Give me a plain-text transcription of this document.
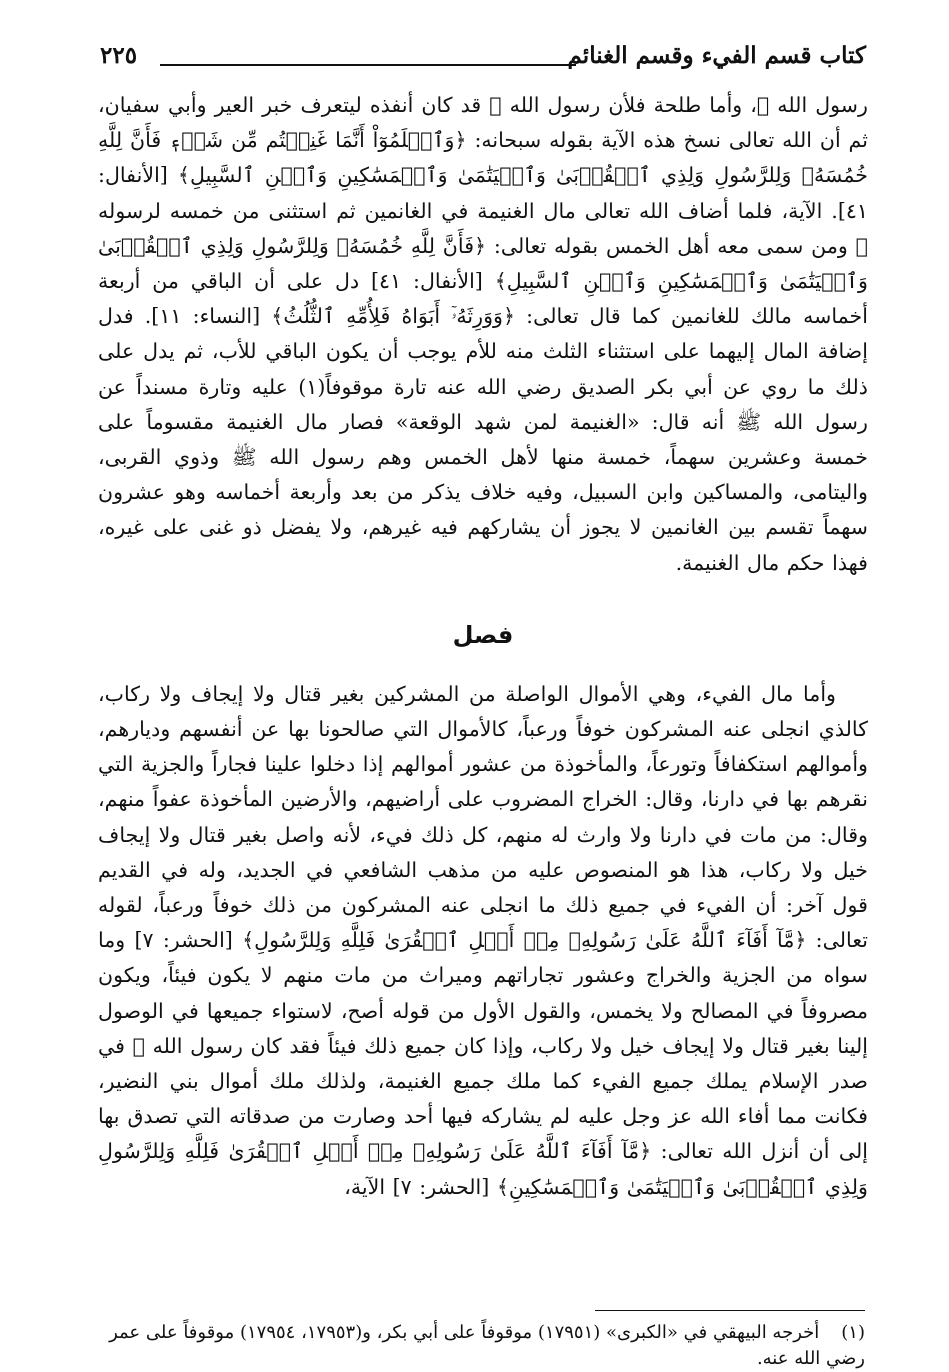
كتاب قسم الفيء وقسم الغنائم
٢٢٥

رسول الله ﷺ، وأما طلحة فلأن رسول الله ﷺ قد كان أنفذه ليتعرف خبر العير وأبي سفيان، ثم أن الله تعالى نسخ هذه الآية بقوله سبحانه: ﴿وَٱعۡلَمُوٓاْ أَنَّمَا غَنِمۡتُم مِّن شَيۡءٖ فَأَنَّ لِلَّهِ خُمُسَهُۥ وَلِلرَّسُولِ وَلِذِي ٱلۡقُرۡبَىٰ وَٱلۡيَتَٰمَىٰ وَٱلۡمَسَٰكِينِ وَٱبۡنِ ٱلسَّبِيلِ﴾ [الأنفال: ٤١]. الآية، فلما أضاف الله تعالى مال الغنيمة في الغانمين ثم استثنى من خمسه لرسوله ﷺ ومن سمى معه أهل الخمس بقوله تعالى: ﴿فَأَنَّ لِلَّهِ خُمُسَهُۥ وَلِلرَّسُولِ وَلِذِي ٱلۡقُرۡبَىٰ وَٱلۡيَتَٰمَىٰ وَٱلۡمَسَٰكِينِ وَٱبۡنِ ٱلسَّبِيلِ﴾ [الأنفال: ٤١] دل على أن الباقي من أربعة أخماسه مالك للغانمين كما قال تعالى: ﴿وَوَرِثَهُۥٓ أَبَوَاهُ فَلِأُمِّهِ ٱلثُّلُثُ﴾ [النساء: ١١]. فدل إضافة المال إليهما على استثناء الثلث منه للأم يوجب أن يكون الباقي للأب، ثم يدل على ذلك ما روي عن أبي بكر الصديق رضي الله عنه تارة موقوفاً(١) عليه وتارة مسنداً عن رسول الله ﷺ أنه قال: «الغنيمة لمن شهد الوقعة» فصار مال الغنيمة مقسوماً على خمسة وعشرين سهماً، خمسة منها لأهل الخمس وهم رسول الله ﷺ وذوي القربى، واليتامى، والمساكين وابن السبيل، وفيه خلاف يذكر من بعد وأربعة أخماسه وهو عشرون سهماً تقسم بين الغانمين لا يجوز أن يشاركهم فيه غيرهم، ولا يفضل ذو غنى على غيره، فهذا حكم مال الغنيمة.

فصل

وأما مال الفيء، وهي الأموال الواصلة من المشركين بغير قتال ولا إيجاف ولا ركاب، كالذي انجلى عنه المشركون خوفاً ورعباً، كالأموال التي صالحونا بها عن أنفسهم وديارهم، وأموالهم استكفافاً وتورعاً، والمأخوذة من عشور أموالهم إذا دخلوا علينا فجاراً والجزية التي نقرهم بها في دارنا، وقال: الخراج المضروب على أراضيهم، والأرضين المأخوذة عفواً منهم، وقال: من مات في دارنا ولا وارث له منهم، كل ذلك فيء، لأنه واصل بغير قتال ولا إيجاف خيل ولا ركاب، هذا هو المنصوص عليه من مذهب الشافعي في الجديد، وله في القديم قول آخر: أن الفيء في جميع ذلك ما انجلى عنه المشركون من ذلك خوفاً ورعباً، لقوله تعالى: ﴿مَّآ أَفَآءَ ٱللَّهُ عَلَىٰ رَسُولِهِۦ مِنۡ أَهۡلِ ٱلۡقُرَىٰ فَلِلَّهِ وَلِلرَّسُولِ﴾ [الحشر: ٧] وما سواه من الجزية والخراج وعشور تجاراتهم وميراث من مات منهم لا يكون فيئاً، ويكون مصروفاً في المصالح ولا يخمس، والقول الأول من قوله أصح، لاستواء جميعها في الوصول إلينا بغير قتال ولا إيجاف خيل ولا ركاب، وإذا كان جميع ذلك فيئاً فقد كان رسول الله ﷺ في صدر الإسلام يملك جميع الفيء كما ملك جميع الغنيمة، ولذلك ملك أموال بني النضير، فكانت مما أفاء الله عز وجل عليه لم يشاركه فيها أحد وصارت من صدقاته التي تصدق بها إلى أن أنزل الله تعالى: ﴿مَّآ أَفَآءَ ٱللَّهُ عَلَىٰ رَسُولِهِۦ مِنۡ أَهۡلِ ٱلۡقُرَىٰ فَلِلَّهِ وَلِلرَّسُولِ وَلِذِي ٱلۡقُرۡبَىٰ وَٱلۡيَتَٰمَىٰ وَٱلۡمَسَٰكِينِ﴾ [الحشر: ٧] الآية،

(١) أخرجه البيهقي في «الكبرى» (١٧٩٥١) موقوفاً على أبي بكر، و(١٧٩٥٣، ١٧٩٥٤) موقوفاً على عمر رضي الله عنه.
